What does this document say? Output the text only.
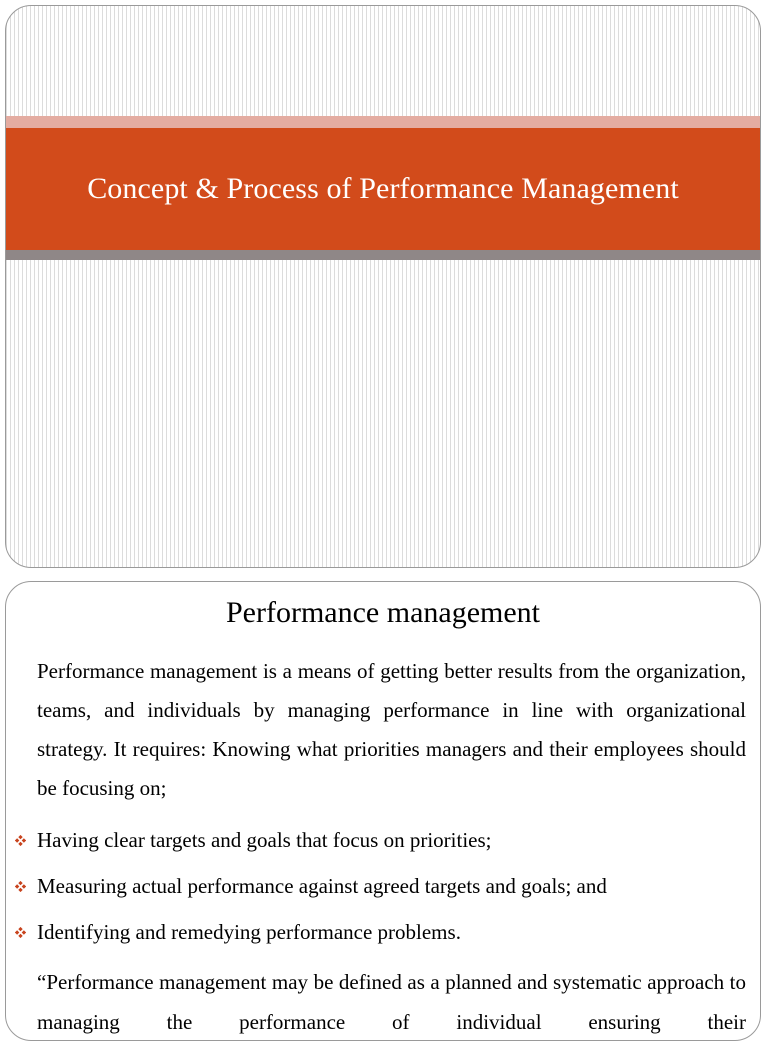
Concept & Process of Performance Management
Performance management

Performance management is a means of getting better results from the organization, teams, and individuals by managing performance in line with organizational strategy. It requires: Knowing what priorities managers and their employees should be focusing on;

Having clear targets and goals that focus on priorities;
Measuring actual performance against agreed targets and goals; and
Identifying and remedying performance problems.

“Performance management may be defined as a planned and systematic approach to managing the performance of individual ensuring their
